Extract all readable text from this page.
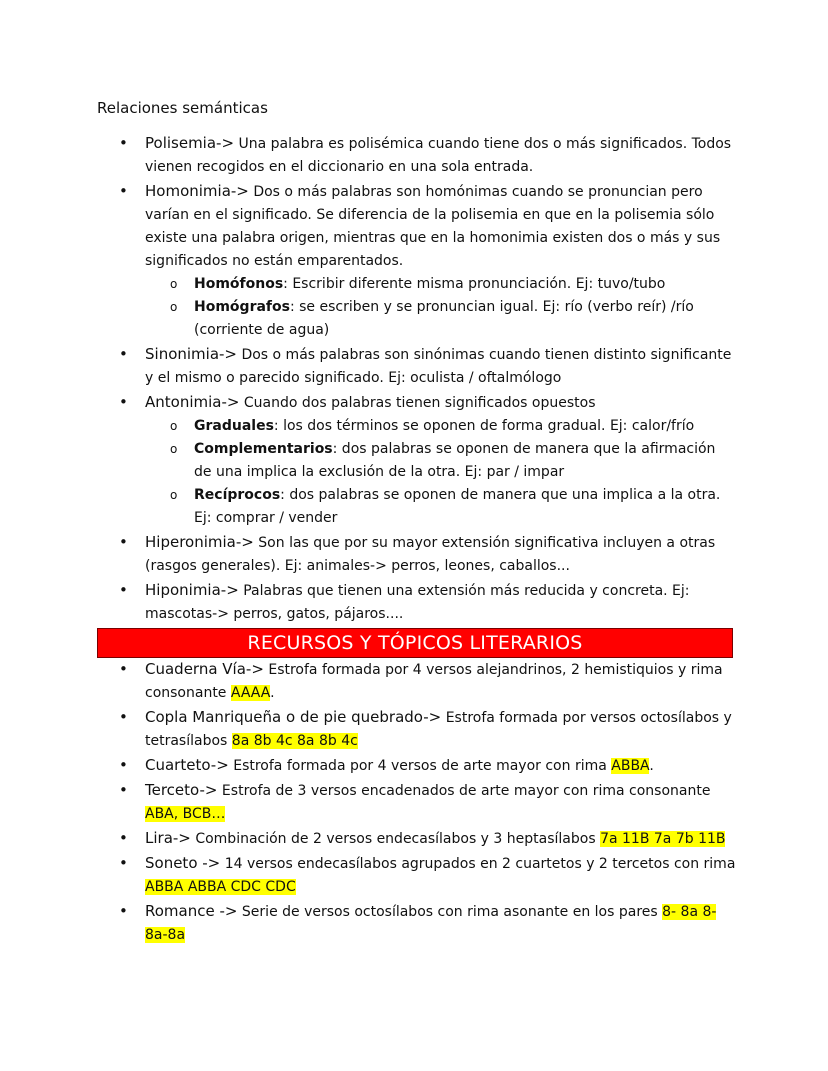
Relaciones semánticas
• Polisemia-> Una palabra es polisémica cuando tiene dos o más significados. Todos vienen recogidos en el diccionario en una sola entrada.
• Homonimia-> Dos o más palabras son homónimas cuando se pronuncian pero varían en el significado. Se diferencia de la polisemia en que en la polisemia sólo existe una palabra origen, mientras que en la homonimia existen dos o más y sus significados no están emparentados.
o Homófonos: Escribir diferente misma pronunciación. Ej: tuvo/tubo
o Homógrafos: se escriben y se pronuncian igual. Ej: río (verbo reír) /río (corriente de agua)
• Sinonimia-> Dos o más palabras son sinónimas cuando tienen distinto significante y el mismo o parecido significado. Ej: oculista / oftalmólogo
• Antonimia-> Cuando dos palabras tienen significados opuestos
o Graduales: los dos términos se oponen de forma gradual. Ej: calor/frío
o Complementarios: dos palabras se oponen de manera que la afirmación de una implica la exclusión de la otra. Ej: par / impar
o Recíprocos: dos palabras se oponen de manera que una implica a la otra. Ej: comprar / vender
• Hiperonimia-> Son las que por su mayor extensión significativa incluyen a otras (rasgos generales). Ej: animales-> perros, leones, caballos...
• Hiponimia-> Palabras que tienen una extensión más reducida y concreta. Ej: mascotas-> perros, gatos, pájaros....
RECURSOS Y TÓPICOS LITERARIOS
• Cuaderna Vía-> Estrofa formada por 4 versos alejandrinos, 2 hemistiquios y rima consonante AAAA.
• Copla Manriqueña o de pie quebrado-> Estrofa formada por versos octosílabos y tetrasílabos 8a 8b 4c 8a 8b 4c
• Cuarteto-> Estrofa formada por 4 versos de arte mayor con rima ABBA.
• Terceto-> Estrofa de 3 versos encadenados de arte mayor con rima consonante ABA, BCB…
• Lira-> Combinación de 2 versos endecasílabos y 3 heptasílabos 7a 11B 7a 7b 11B
• Soneto -> 14 versos endecasílabos agrupados en 2 cuartetos y 2 tercetos con rima ABBA ABBA CDC CDC
• Romance -> Serie de versos octosílabos con rima asonante en los pares 8- 8a 8- 8a-8a
